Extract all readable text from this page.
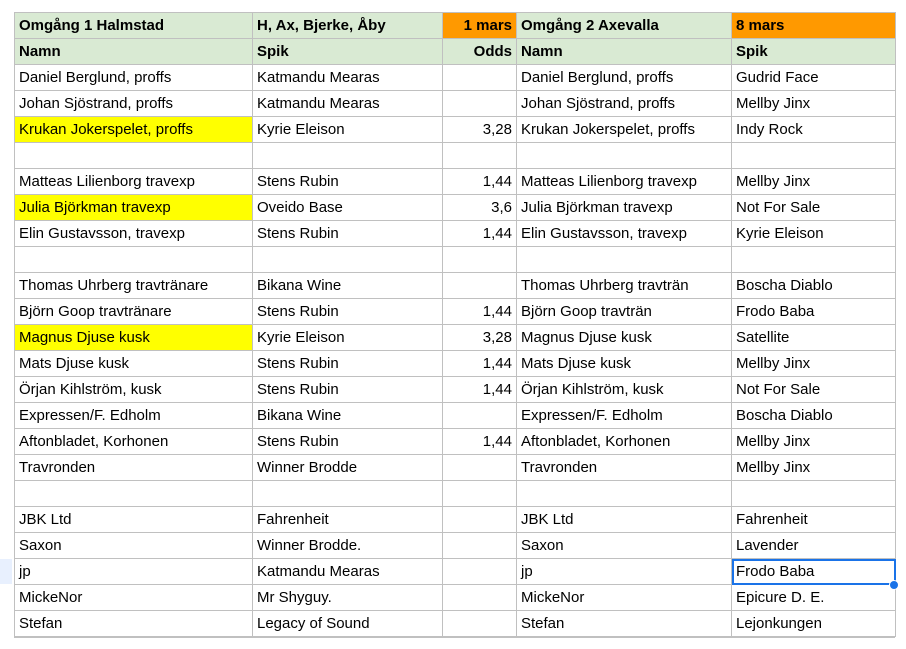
Omgång 1 Halmstad	H, Ax, Bjerke, Åby	1 mars	Omgång 2 Axevalla	8 mars
Namn	Spik	Odds	Namn	Spik
Daniel Berglund, proffs	Katmandu Mearas		Daniel Berglund, proffs	Gudrid Face
Johan Sjöstrand, proffs	Katmandu Mearas		Johan Sjöstrand, proffs	Mellby Jinx
Krukan Jokerspelet, proffs	Kyrie Eleison	3,28	Krukan Jokerspelet, proffs	Indy Rock

Matteas Lilienborg travexp	Stens Rubin	1,44	Matteas Lilienborg travexp	Mellby Jinx
Julia Björkman travexp	Oveido Base	3,6	Julia Björkman travexp	Not For Sale
Elin Gustavsson, travexp	Stens Rubin	1,44	Elin Gustavsson, travexp	Kyrie Eleison

Thomas Uhrberg travtränare	Bikana Wine		Thomas Uhrberg travträn	Boscha Diablo
Björn Goop travtränare	Stens Rubin	1,44	Björn Goop travträn	Frodo Baba
Magnus Djuse kusk	Kyrie Eleison	3,28	Magnus Djuse kusk	Satellite
Mats Djuse kusk	Stens Rubin	1,44	Mats Djuse kusk	Mellby Jinx
Örjan Kihlström, kusk	Stens Rubin	1,44	Örjan Kihlström, kusk	Not For Sale
Expressen/F. Edholm	Bikana Wine		Expressen/F. Edholm	Boscha Diablo
Aftonbladet, Korhonen	Stens Rubin	1,44	Aftonbladet, Korhonen	Mellby Jinx
Travronden	Winner Brodde		Travronden	Mellby Jinx

JBK Ltd	Fahrenheit		JBK Ltd	Fahrenheit
Saxon	Winner Brodde.		Saxon	Lavender
jp	Katmandu Mearas		jp	Frodo Baba
MickeNor	Mr Shyguy.		MickeNor	Epicure D. E.
Stefan	Legacy of Sound		Stefan	Lejonkungen
